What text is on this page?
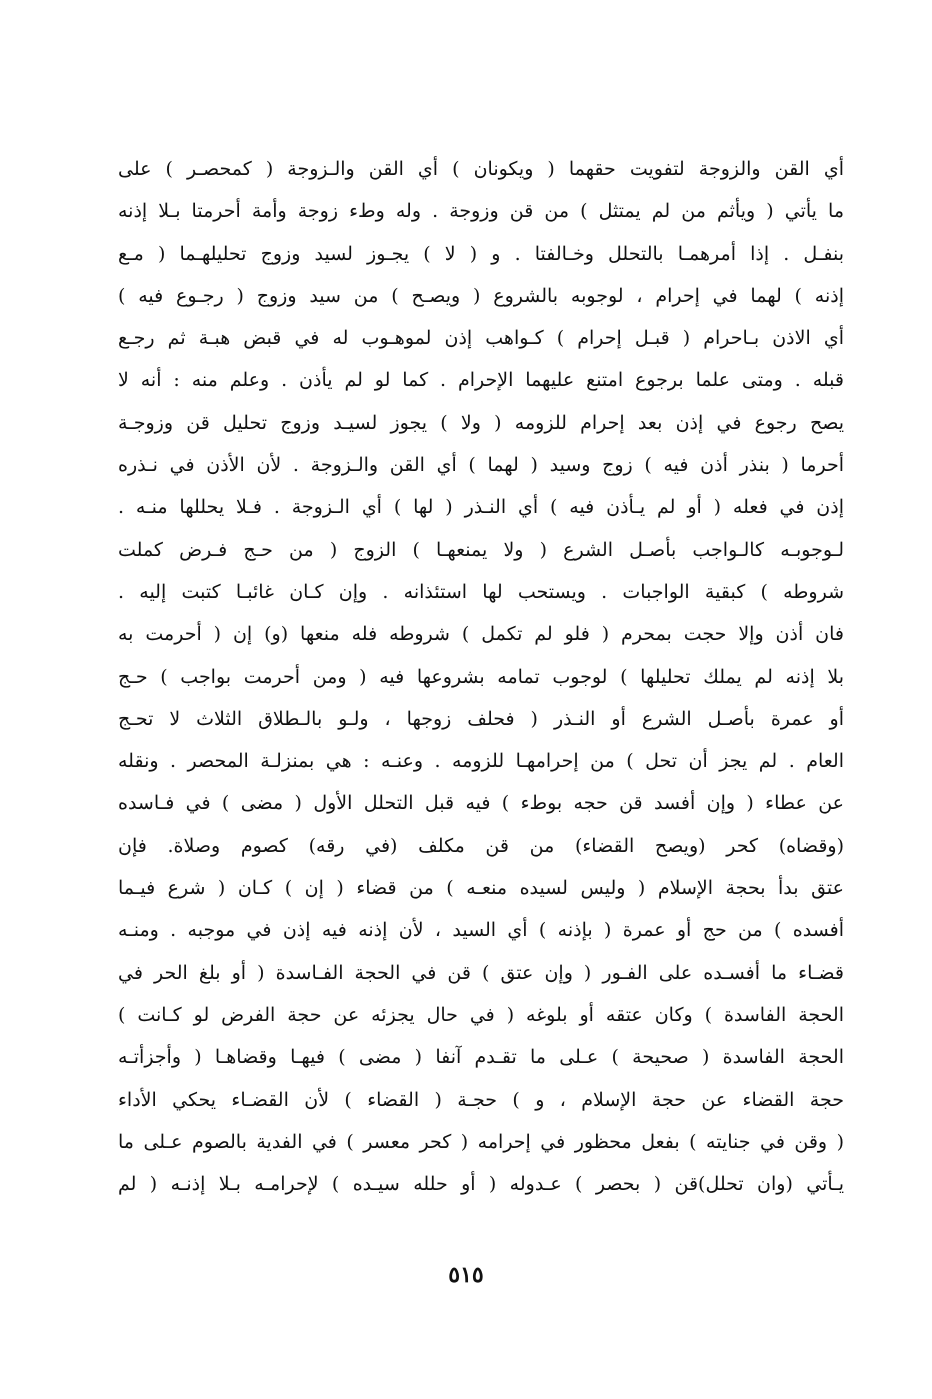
أي القن والزوجة لتفويت حقهما ( ويكونان ) أي القن والـزوجة ( كمحصـر ) على
ما يأتي ( ويأثم من لم يمتثل ) من قن وزوجة . وله وطء زوجة وأمة أحرمتا بـلا إذنه
بنفـل . إذا أمرهمـا بالتحلل وخـالفتا . و ( لا ) يجـوز لسيد وزوج تحليلهـما ( مـع
إذنه ) لهما في إحرام ، لوجوبه بالشروع ( ويصـح ) من سيد وزوج ( رجـوع فيه )
أي الاذن بـاحرام ( قبـل إحرام ) كـواهب إذن لموهـوب له في قبض هبـة ثم رجـع
قبله . ومتى علما برجوع امتنع عليهما الإحرام . كما لو لم يأذن . وعلم منه : أنه لا
يصح رجوع في إذن بعد إحرام للزومه ( ولا ) يجوز لسيـد وزوج تحليل قن وزوجـة
أحرما ( بنذر أذن فيه ) زوج وسيد ( لهما ) أي القن والـزوجة . لأن الأذن في نـذره
إذن في فعله ( أو لم يـأذن فيه ) أي النـذر ( لها ) أي الـزوجة . فـلا يحللها منـه .
لـوجوبـه كالـواجب بأصـل الشرع ( ولا يمنعهـا ) الزوج ( من حـج فـرض كملت
شروطه ) كبقية الواجبات . ويستحب لها استئذانه . وإن كـان غائبـا كتبت إليه .
فان أذن وإلا حجت بمحرم ( فلو لم تكمل ) شروطه فله منعها (و) إن ( أحرمت به
بلا إذنه لم يملك تحليلها ) لوجوب تمامه بشروعها فيه ( ومن أحرمت بواجب ) حـج
أو عمرة بأصـل الشرع أو النـذر ( فحلف زوجها ، ولـو بالـطلاق الثلاث لا تحـج
العام . لم يجز أن تحل ) من إحرامهـا للزومه . وعنـه : هي بمنزلـة المحصر . ونقله
عن عطاء ( وإن أفسد قن حجه بوطء ) فيه قبل التحلل الأول ( مضى ) في فـاسده
(وقضاه) كحر (ويصح القضاء) من قن مكلف (في رقه) كصوم وصلاة. فإن
عتق بدأ بحجة الإسلام ( وليس لسيده منعـه ) من قضاء ( إن ) كـان ( شرع فيـما
أفسده ) من حج أو عمرة ( بإذنه ) أي السيد ، لأن إذنه فيه إذن في موجبه . ومنـه
قضـاء ما أفسـده على الفـور ( وإن عتق ) قن في الحجة الفـاسدة ( أو بلغ الحر في
الحجة الفاسدة ) وكان عتقه أو بلوغه ( في حال يجزئه عن حجة الفرض لو كـانت )
الحجة الفاسدة ( صحيحة ) عـلى ما تقـدم آنفا ( مضى ) فيهـا وقضاهـا ( وأجزأتـه
حجة القضاء عن حجة الإسلام ، و ) حجـة ( القضاء ) لأن القضـاء يحكي الأداء
( وقن في جنايته ) بفعل محظور في إحرامه ( كحر معسر ) في الفدية بالصوم عـلى ما
يـأتي (وان تحلل)قن ( بحصر ) عـدوله ( أو حلله سيـده ) لإحرامـه بـلا إذنـه ( لم
٥١٥
